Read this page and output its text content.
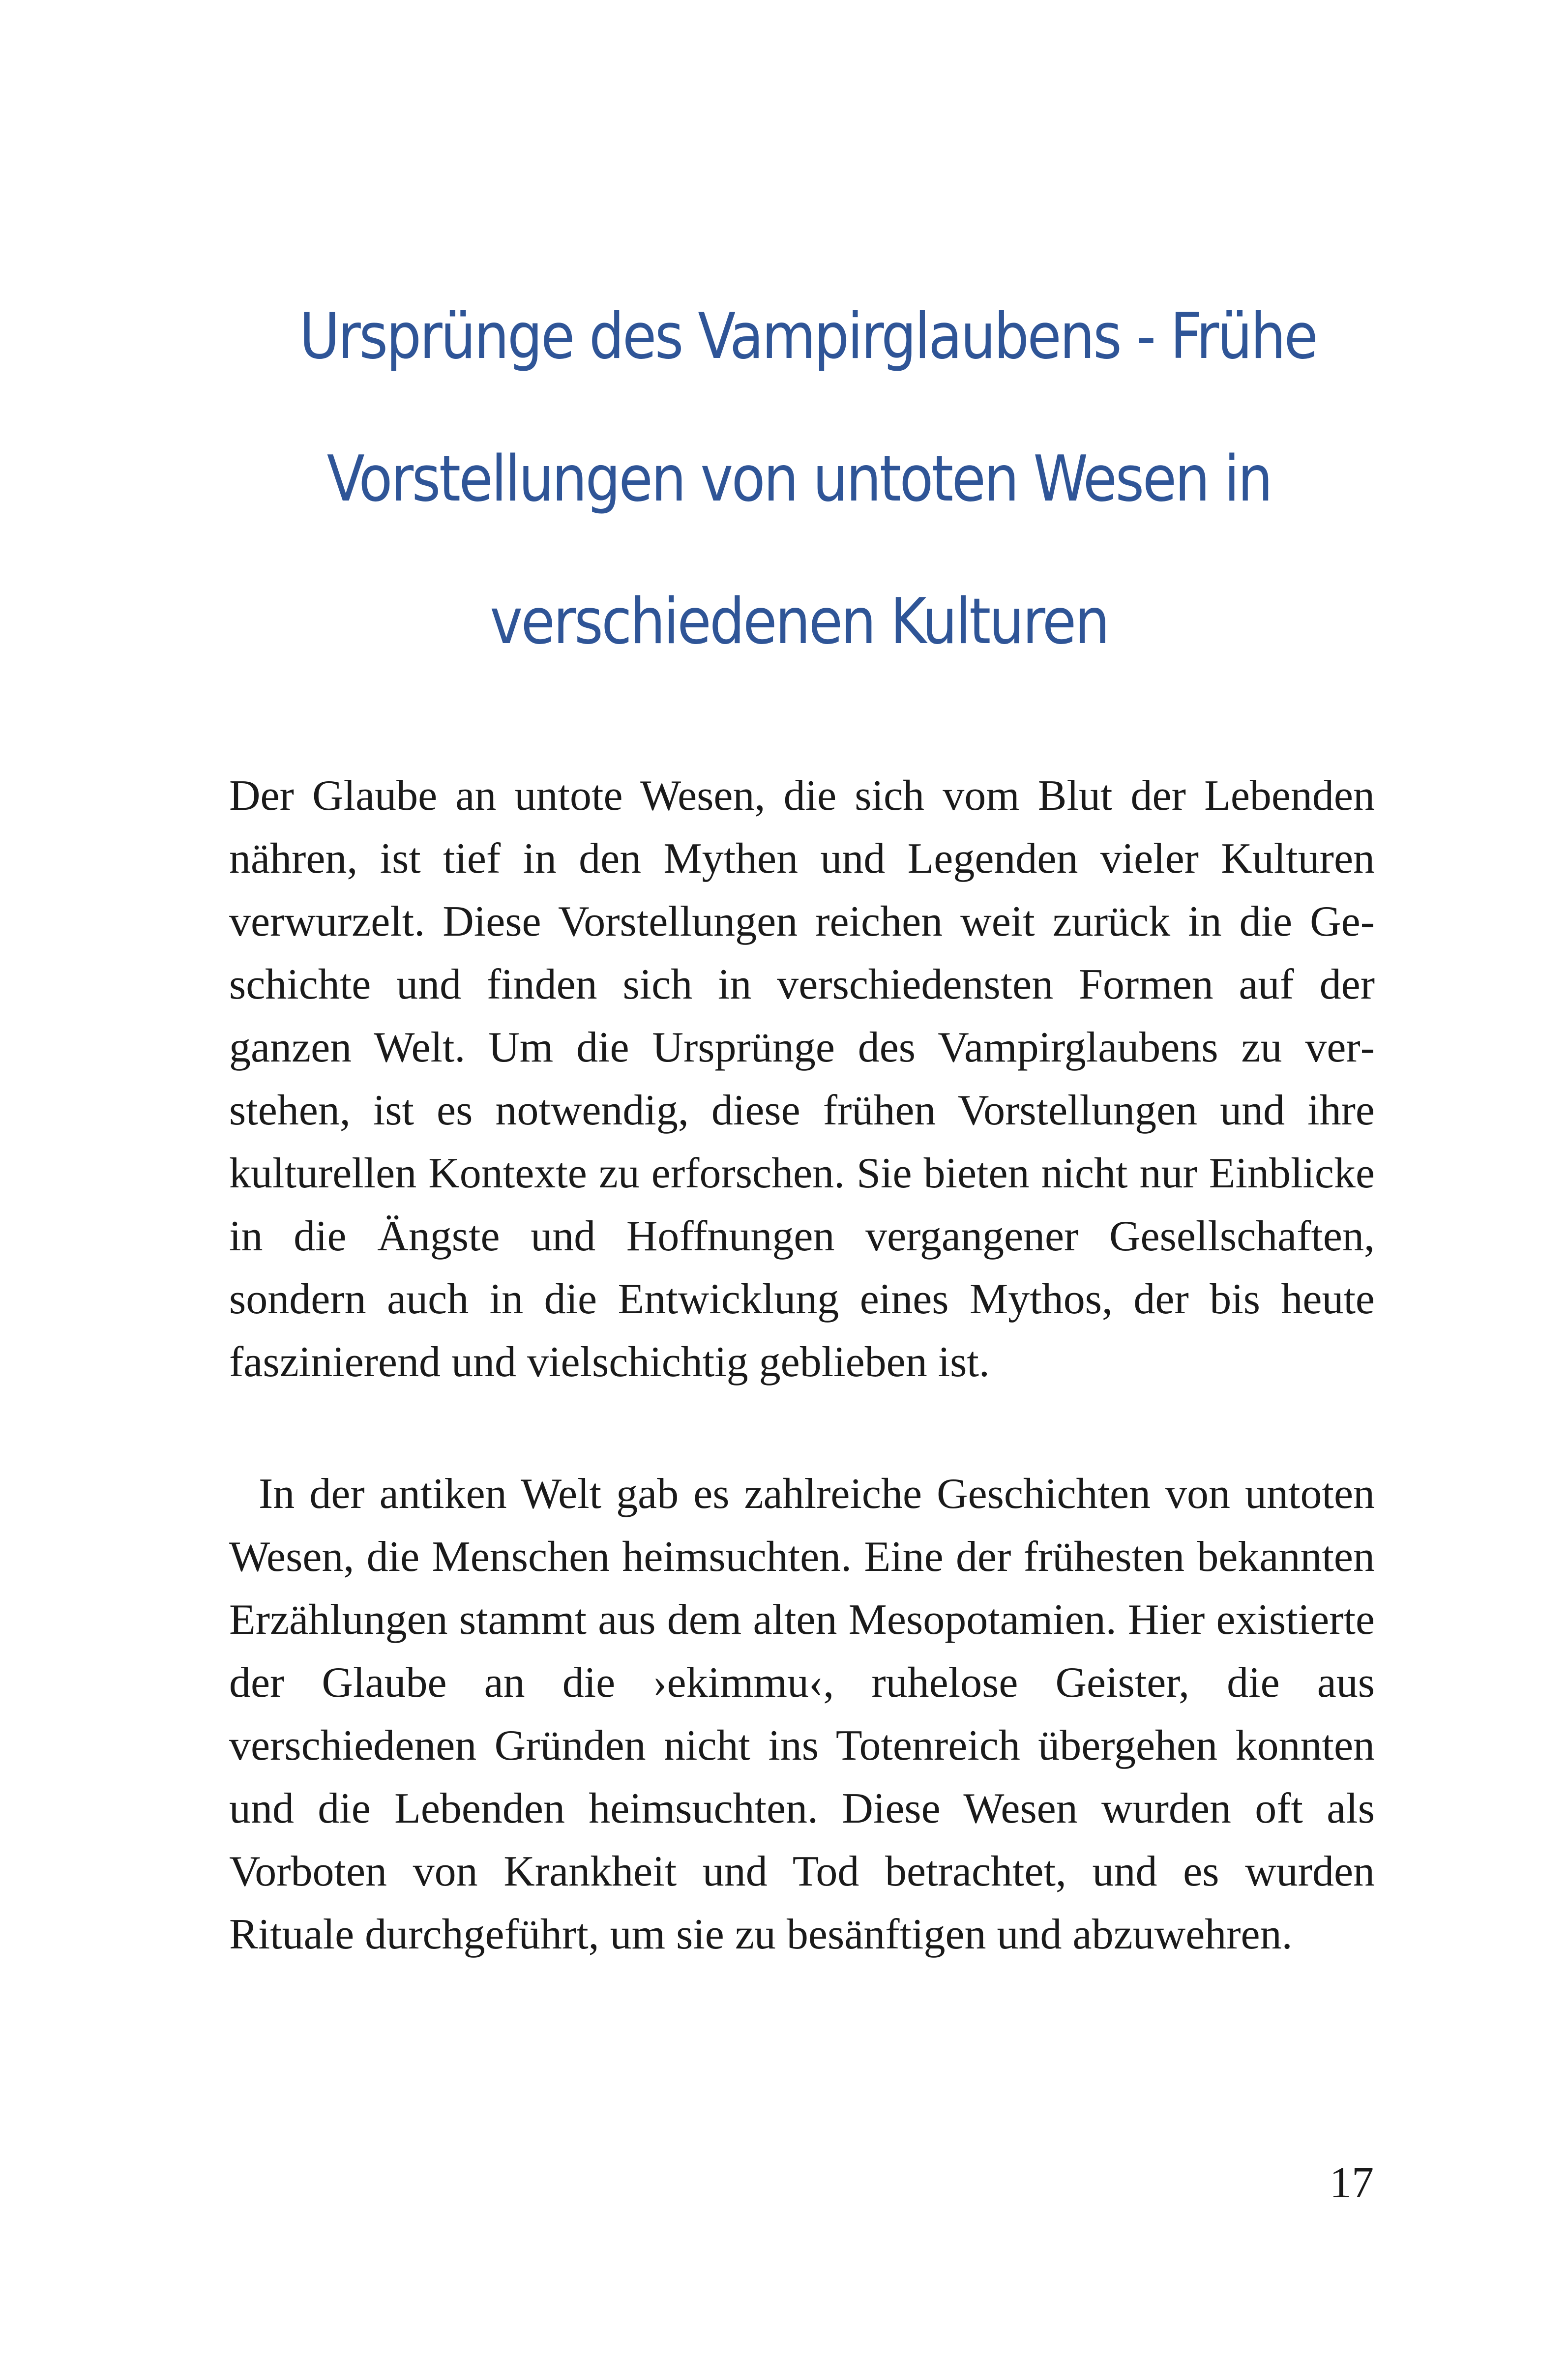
Ursprünge des Vampirglaubens - Frühe
Vorstellungen von untoten Wesen in
verschiedenen Kulturen

Der Glaube an untote Wesen, die sich vom Blut der Lebenden nähren, ist tief in den Mythen und Legenden vieler Kulturen verwurzelt. Diese Vorstellungen reichen weit zurück in die Geschichte und finden sich in verschiedensten Formen auf der ganzen Welt. Um die Ursprünge des Vampirglaubens zu verstehen, ist es notwendig, diese frühen Vorstellungen und ihre kulturellen Kontexte zu erforschen. Sie bieten nicht nur Einblicke in die Ängste und Hoffnungen vergangener Gesellschaften, sondern auch in die Entwicklung eines Mythos, der bis heute faszinierend und vielschichtig geblieben ist.

In der antiken Welt gab es zahlreiche Geschichten von untoten Wesen, die Menschen heimsuchten. Eine der frühesten bekannten Erzählungen stammt aus dem alten Mesopotamien. Hier existierte der Glaube an die ›ekimmu‹, ruhelose Geister, die aus verschiedenen Gründen nicht ins Totenreich übergehen konnten und die Lebenden heimsuchten. Diese Wesen wurden oft als Vorboten von Krankheit und Tod betrachtet, und es wurden Rituale durchgeführt, um sie zu besänftigen und abzuwehren.

17
